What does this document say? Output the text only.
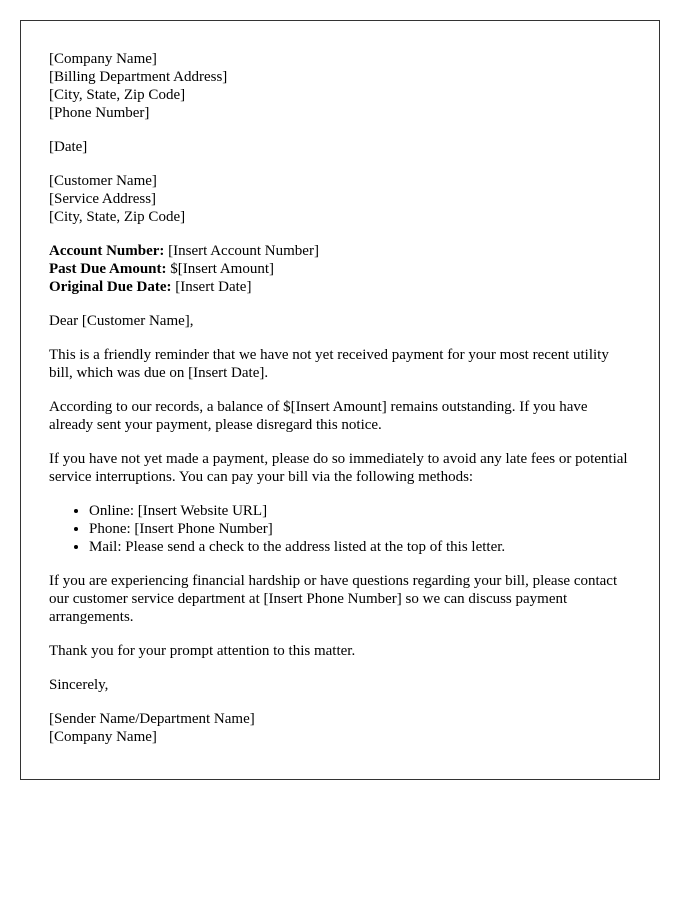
[Company Name]
[Billing Department Address]
[City, State, Zip Code]
[Phone Number]
[Date]
[Customer Name]
[Service Address]
[City, State, Zip Code]
Account Number: [Insert Account Number]
Past Due Amount: $[Insert Amount]
Original Due Date: [Insert Date]

Dear [Customer Name],

This is a friendly reminder that we have not yet received payment for your most recent utility bill, which was due on [Insert Date].

According to our records, a balance of $[Insert Amount] remains outstanding. If you have already sent your payment, please disregard this notice.

If you have not yet made a payment, please do so immediately to avoid any late fees or potential service interruptions. You can pay your bill via the following methods:

• Online: [Insert Website URL]
• Phone: [Insert Phone Number]
• Mail: Please send a check to the address listed at the top of this letter.

If you are experiencing financial hardship or have questions regarding your bill, please contact our customer service department at [Insert Phone Number] so we can discuss payment arrangements.

Thank you for your prompt attention to this matter.

Sincerely,

[Sender Name/Department Name]
[Company Name]
